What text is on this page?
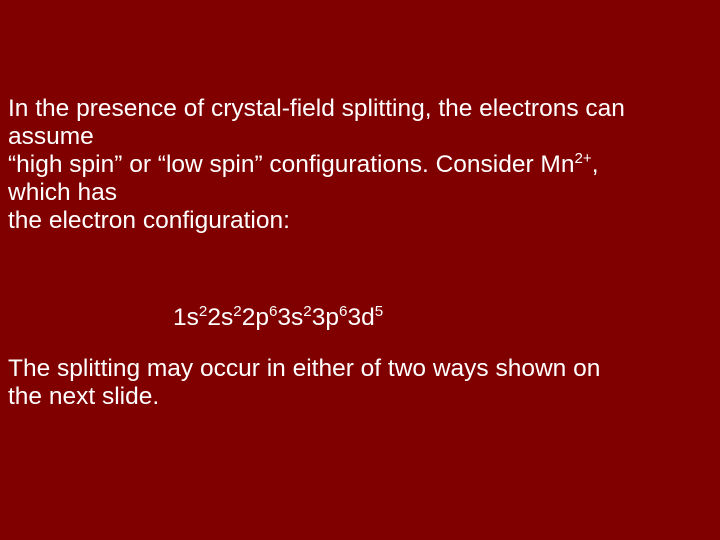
In the presence of crystal-field splitting, the electrons can
assume
“high spin” or “low spin” configurations. Consider $Mn^{2+}$,
which has
the electron configuration:
$1s^22s^22p^63s^23p^63d^5$
The splitting may occur in either of two ways shown on
the next slide.
